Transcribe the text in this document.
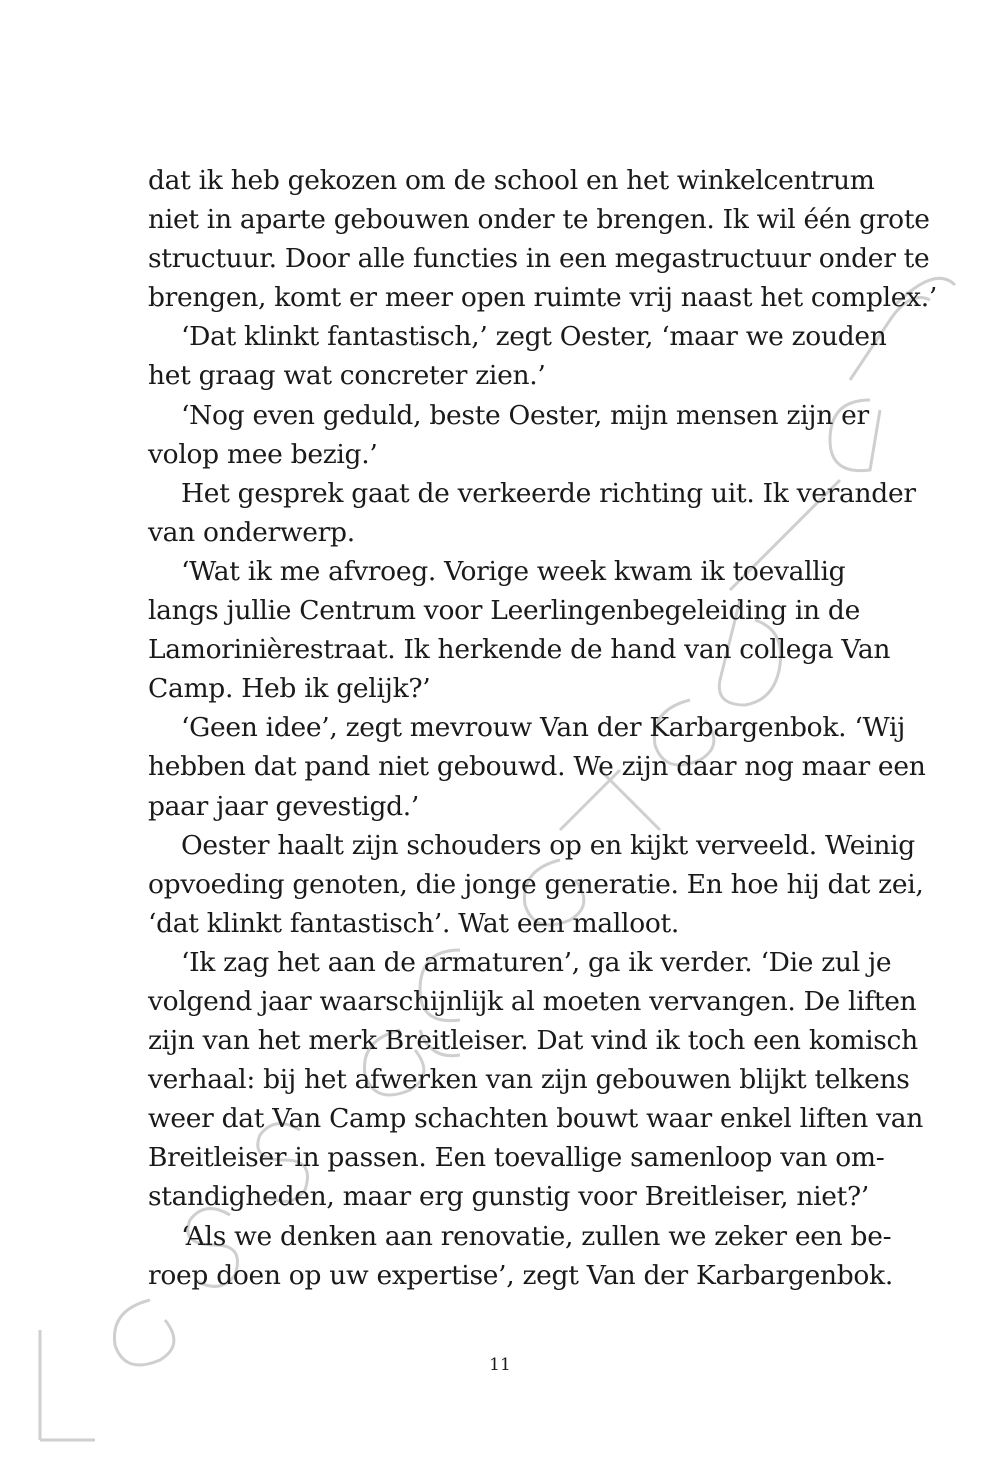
dat ik heb gekozen om de school en het winkelcentrum
niet in aparte gebouwen onder te brengen. Ik wil één grote
structuur. Door alle functies in een megastructuur onder te
brengen, komt er meer open ruimte vrij naast het complex.’
‘Dat klinkt fantastisch,’ zegt Oester, ‘maar we zouden
het graag wat concreter zien.’
‘Nog even geduld, beste Oester, mijn mensen zijn er
volop mee bezig.’
Het gesprek gaat de verkeerde richting uit. Ik verander
van onderwerp.
‘Wat ik me afvroeg. Vorige week kwam ik toevallig
langs jullie Centrum voor Leerlingenbegeleiding in de
Lamorinièrestraat. Ik herkende de hand van collega Van
Camp. Heb ik gelijk?’
‘Geen idee’, zegt mevrouw Van der Karbargenbok. ‘Wij
hebben dat pand niet gebouwd. We zijn daar nog maar een
paar jaar gevestigd.’
Oester haalt zijn schouders op en kijkt verveeld. Weinig
opvoeding genoten, die jonge generatie. En hoe hij dat zei,
‘dat klinkt fantastisch’. Wat een malloot.
‘Ik zag het aan de armaturen’, ga ik verder. ‘Die zul je
volgend jaar waarschijnlijk al moeten vervangen. De liften
zijn van het merk Breitleiser. Dat vind ik toch een komisch
verhaal: bij het afwerken van zijn gebouwen blijkt telkens
weer dat Van Camp schachten bouwt waar enkel liften van
Breitleiser in passen. Een toevallige samenloop van om-
standigheden, maar erg gunstig voor Breitleiser, niet?’
‘Als we denken aan renovatie, zullen we zeker een be-
roep doen op uw expertise’, zegt Van der Karbargenbok.
11
